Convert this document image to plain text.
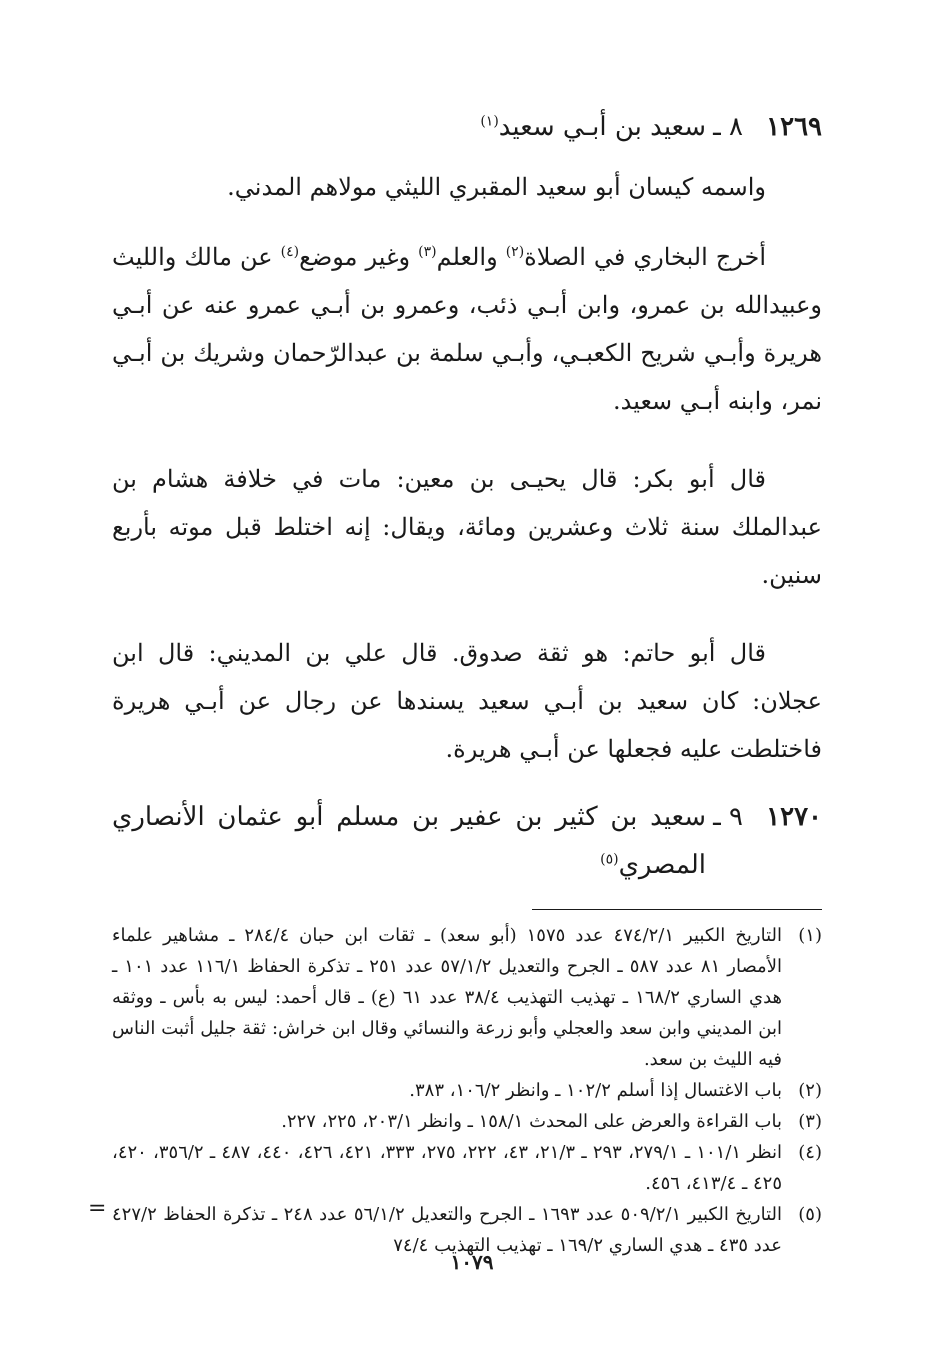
١٢٦٩
٨ ـ
سعيد بن أبـي سعيد$^{(١)}$

واسمه كيسان أبو سعيد المقبري الليثي مولاهم المدني.

أخرج البخاري في الصلاة$^{(٢)}$ والعلم$^{(٣)}$ وغير موضع$^{(٤)}$ عن مالك والليث وعبيدالله بن عمرو، وابن أبـي ذئب، وعمرو بن أبـي عمرو عنه عن أبـي هريرة وأبـي شريح الكعبـي، وأبـي سلمة بن عبدالرّحمان وشريك بن أبـي نمر، وابنه أبـي سعيد.

قال أبو بكر: قال يحيـى بن معين: مات في خلافة هشام بن عبدالملك سنة ثلاث وعشرين ومائة، ويقال: إنه اختلط قبل موته بأربع سنين.

قال أبو حاتم: هو ثقة صدوق. قال علي بن المديني: قال ابن عجلان: كان سعيد بن أبـي سعيد يسندها عن رجال عن أبـي هريرة فاختلطت عليه فجعلها عن أبـي هريرة.

١٢٧٠
٩ ـ
سعيد بن كثير بن عفير بن مسلم أبو عثمان الأنصاري المصري$^{(٥)}$
(١)
التاريخ الكبير ٤٧٤/٢/١ عدد ١٥٧٥ (أبو سعد) ـ ثقات ابن حبان ٢٨٤/٤ ـ مشاهير علماء الأمصار ٨١ عدد ٥٨٧ ـ الجرح والتعديل ٥٧/١/٢ عدد ٢٥١ ـ تذكرة الحفاظ ١١٦/١ عدد ١٠١ ـ هدي الساري ١٦٨/٢ ـ تهذيب التهذيب ٣٨/٤ عدد ٦١ (ع) ـ قال أحمد: ليس به بأس ـ ووثقه ابن المديني وابن سعد والعجلي وأبو زرعة والنسائي وقال ابن خراش: ثقة جليل أثبت الناس فيه الليث بن سعد.
(٢)
باب الاغتسال إذا أسلم ١٠٢/٢ ـ وانظر ١٠٦/٢، ٣٨٣.
(٣)
باب القراءة والعرض على المحدث ١٥٨/١ ـ وانظر ٢٠٣/١، ٢٢٥، ٢٢٧.
(٤)
انظر ١٠١/١ ـ ٢٧٩/١، ٢٩٣ ـ ٢١/٣، ٤٣، ٢٢٢، ٢٧٥، ٣٣٣، ٤٢١، ٤٢٦، ٤٤٠، ٤٨٧ ـ ٣٥٦/٢، ٤٢٠، ٤٢٥ ـ ٤١٣/٤، ٤٥٦.
(٥)
التاريخ الكبير ٥٠٩/٢/١ عدد ١٦٩٣ ـ الجرح والتعديل ٥٦/١/٢ عدد ٢٤٨ ـ تذكرة الحفاظ ٤٢٧/٢ عدد ٤٣٥ ـ هدي الساري ١٦٩/٢ ـ تهذيب التهذيب ٧٤/٤
=
١٠٧٩
